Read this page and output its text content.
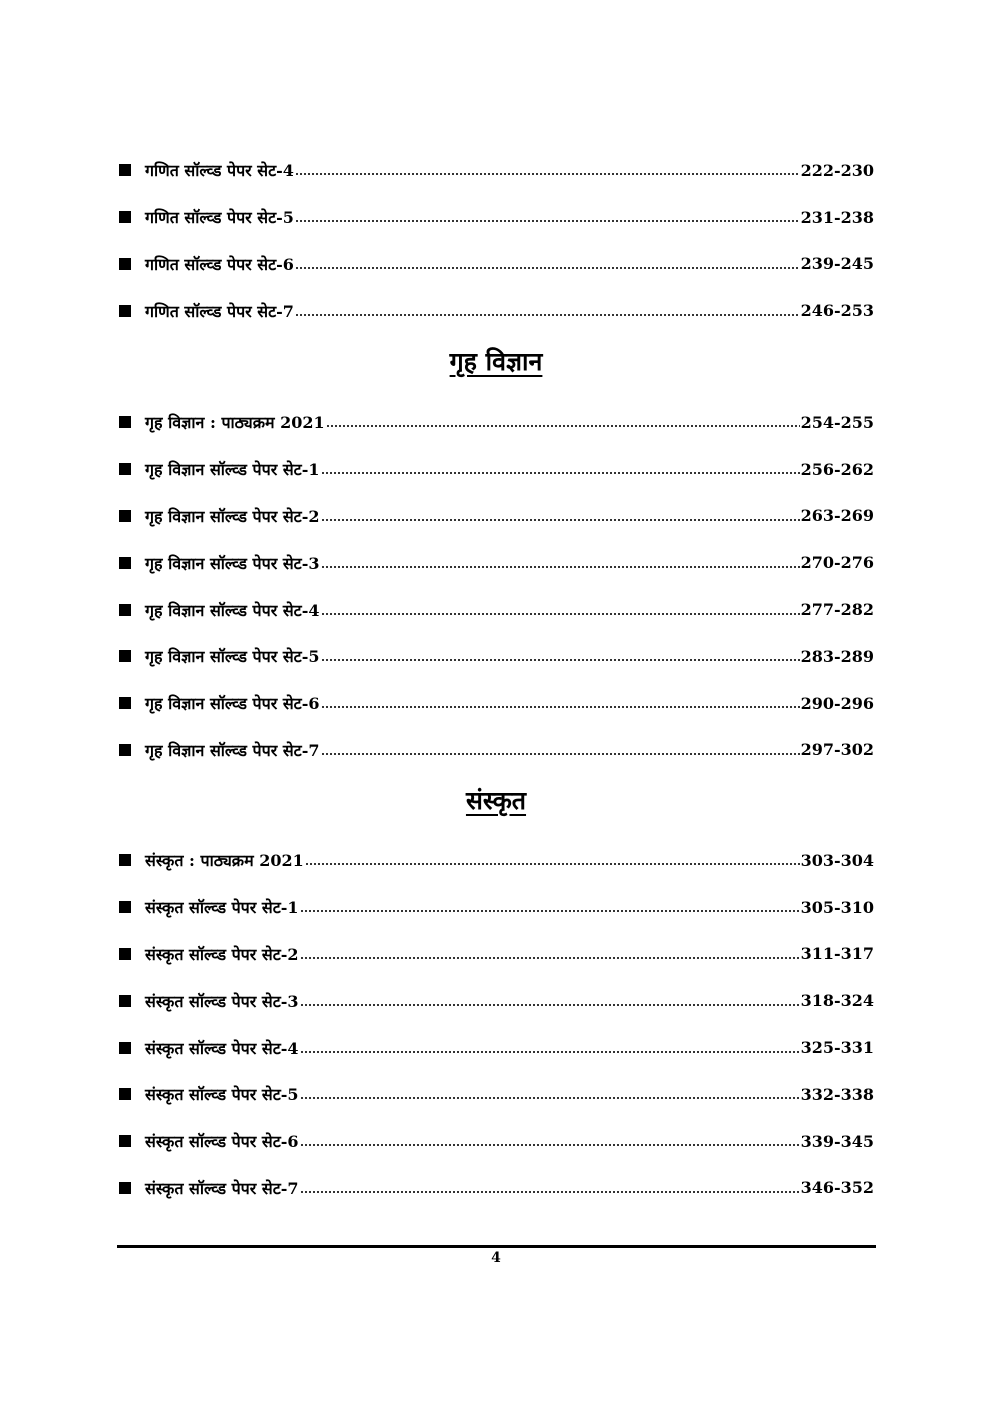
गणित सॉल्व्ड पेपर सेट-4	222-230
गणित सॉल्व्ड पेपर सेट-5	231-238
गणित सॉल्व्ड पेपर सेट-6	239-245
गणित सॉल्व्ड पेपर सेट-7	246-253
गृह विज्ञान
गृह विज्ञान : पाठ्यक्रम 2021	254-255
गृह विज्ञान सॉल्व्ड पेपर सेट-1	256-262
गृह विज्ञान सॉल्व्ड पेपर सेट-2	263-269
गृह विज्ञान सॉल्व्ड पेपर सेट-3	270-276
गृह विज्ञान सॉल्व्ड पेपर सेट-4	277-282
गृह विज्ञान सॉल्व्ड पेपर सेट-5	283-289
गृह विज्ञान सॉल्व्ड पेपर सेट-6	290-296
गृह विज्ञान सॉल्व्ड पेपर सेट-7	297-302
संस्कृत
संस्कृत : पाठ्यक्रम 2021	303-304
संस्कृत सॉल्व्ड पेपर सेट-1	305-310
संस्कृत सॉल्व्ड पेपर सेट-2	311-317
संस्कृत सॉल्व्ड पेपर सेट-3	318-324
संस्कृत सॉल्व्ड पेपर सेट-4	325-331
संस्कृत सॉल्व्ड पेपर सेट-5	332-338
संस्कृत सॉल्व्ड पेपर सेट-6	339-345
संस्कृत सॉल्व्ड पेपर सेट-7	346-352
4
